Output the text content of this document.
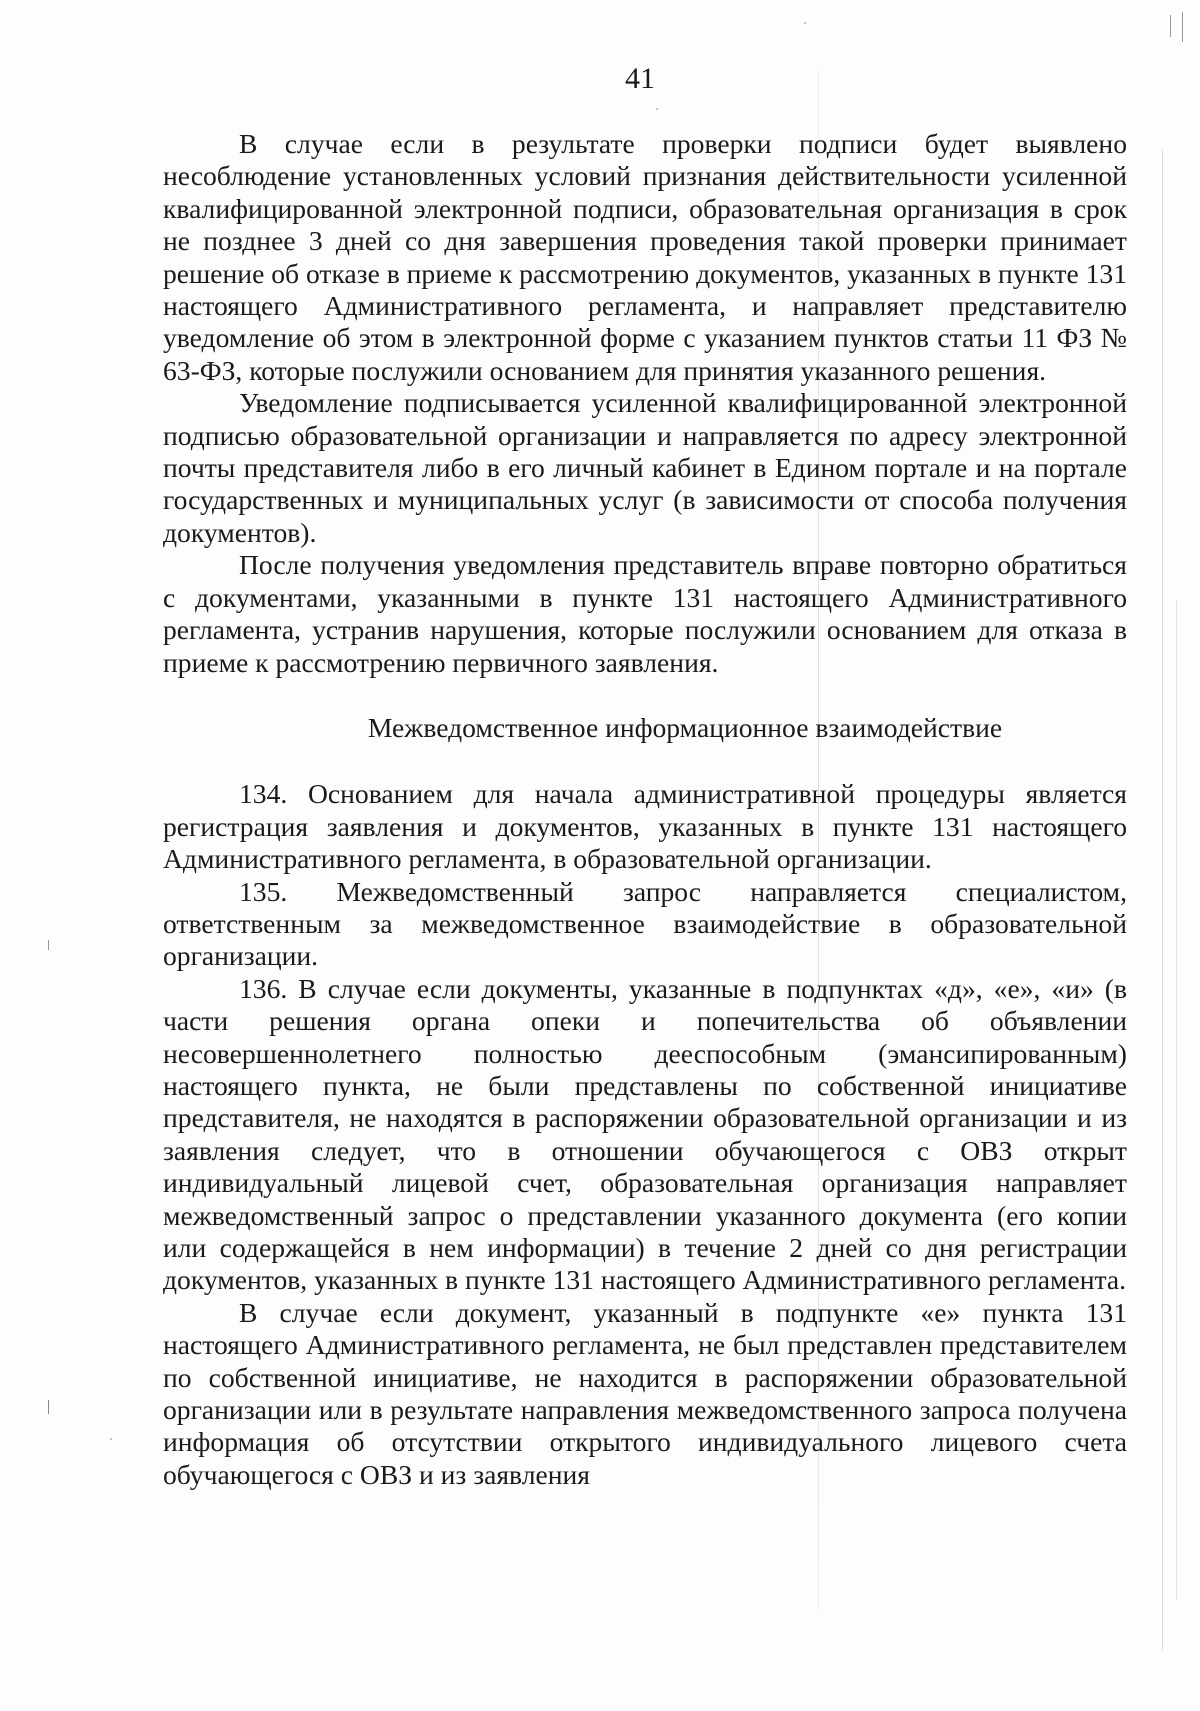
41

В случае если в результате проверки подписи будет выявлено несоблюдение установленных условий признания действительности усиленной квалифицированной электронной подписи, образовательная организация в срок не позднее 3 дней со дня завершения проведения такой проверки принимает решение об отказе в приеме к рассмотрению документов, указанных в пункте 131 настоящего Административного регламента, и направляет представителю уведомление об этом в электронной форме с указанием пунктов статьи 11 ФЗ № 63-ФЗ, которые послужили основанием для принятия указанного решения.

Уведомление подписывается усиленной квалифицированной электронной подписью образовательной организации и направляется по адресу электронной почты представителя либо в его личный кабинет в Едином портале и на портале государственных и муниципальных услуг (в зависимости от способа получения документов).

После получения уведомления представитель вправе повторно обратиться с документами, указанными в пункте 131 настоящего Административного регламента, устранив нарушения, которые послужили основанием для отказа в приеме к рассмотрению первичного заявления.

Межведомственное информационное взаимодействие

134. Основанием для начала административной процедуры является регистрация заявления и документов, указанных в пункте 131 настоящего Административного регламента, в образовательной организации.

135. Межведомственный запрос направляется специалистом, ответственным за межведомственное взаимодействие в образовательной организации.

136. В случае если документы, указанные в подпунктах «д», «е», «и» (в части решения органа опеки и попечительства об объявлении несовершеннолетнего полностью дееспособным (эмансипированным) настоящего пункта, не были представлены по собственной инициативе представителя, не находятся в распоряжении образовательной организации и из заявления следует, что в отношении обучающегося с ОВЗ открыт индивидуальный лицевой счет, образовательная организация направляет межведомственный запрос о представлении указанного документа (его копии или содержащейся в нем информации) в течение 2 дней со дня регистрации документов, указанных в пункте 131 настоящего Административного регламента.

В случае если документ, указанный в подпункте «е» пункта 131 настоящего Административного регламента, не был представлен представителем по собственной инициативе, не находится в распоряжении образовательной организации или в результате направления межведомственного запроса получена информация об отсутствии открытого индивидуального лицевого счета обучающегося с ОВЗ и из заявления
